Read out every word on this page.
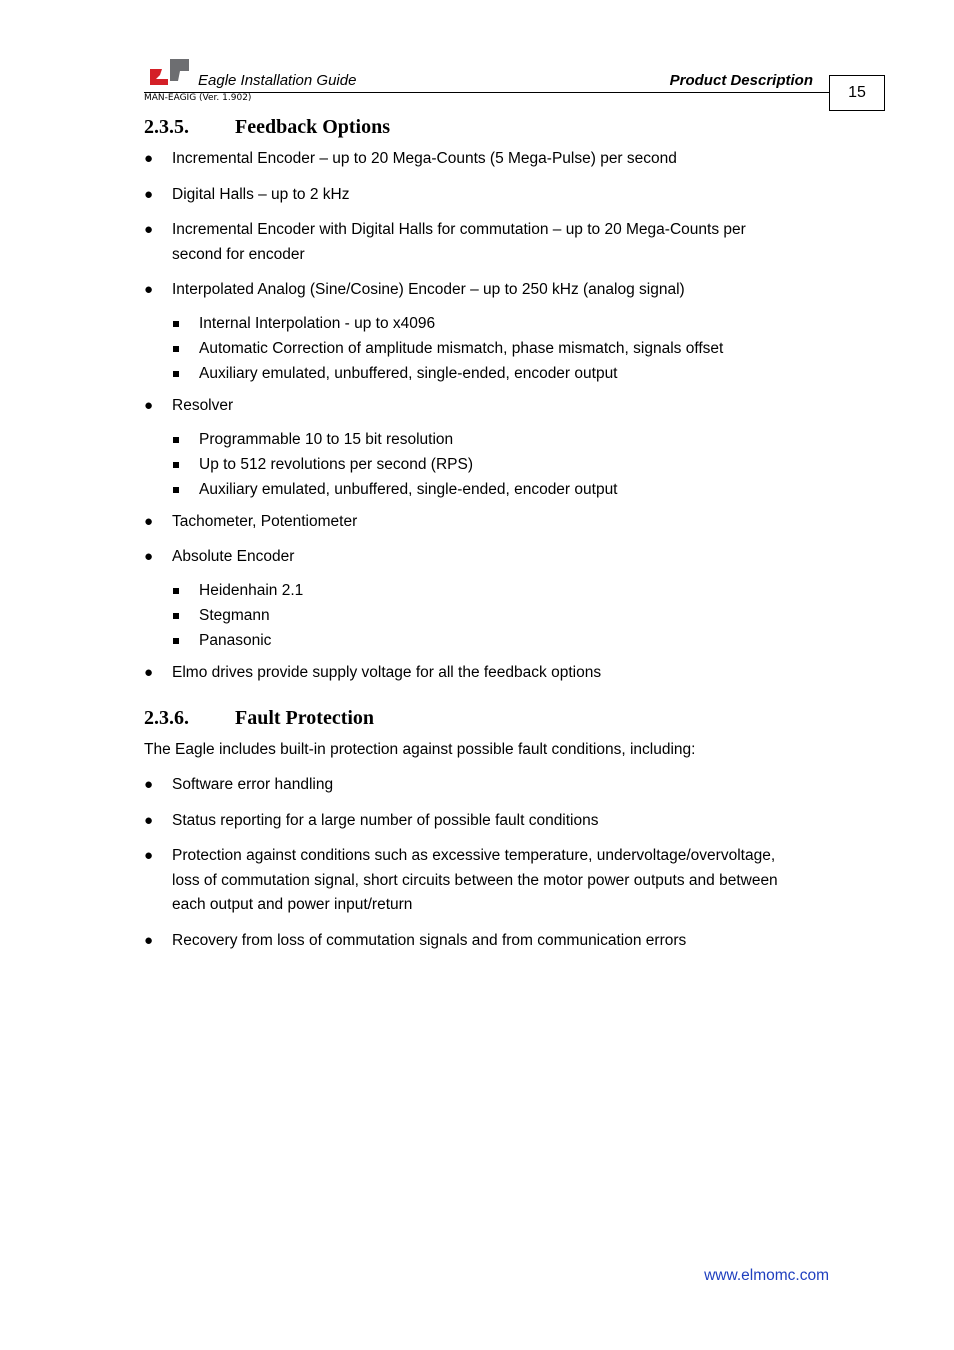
Eagle Installation Guide	Product Description
MAN-EAGIG (Ver. 1.902)	15
2.3.5. Feedback Options
● Incremental Encoder – up to 20 Mega-Counts (5 Mega-Pulse) per second
● Digital Halls – up to 2 kHz
● Incremental Encoder with Digital Halls for commutation – up to 20 Mega-Counts per
second for encoder
● Interpolated Analog (Sine/Cosine) Encoder – up to 250 kHz (analog signal)
Internal Interpolation - up to x4096
Automatic Correction of amplitude mismatch, phase mismatch, signals offset
Auxiliary emulated, unbuffered, single-ended, encoder output
● Resolver
Programmable 10 to 15 bit resolution
Up to 512 revolutions per second (RPS)
Auxiliary emulated, unbuffered, single-ended, encoder output
● Tachometer, Potentiometer
● Absolute Encoder
Heidenhain 2.1
Stegmann
Panasonic
● Elmo drives provide supply voltage for all the feedback options
2.3.6. Fault Protection
The Eagle includes built-in protection against possible fault conditions, including:
● Software error handling
● Status reporting for a large number of possible fault conditions
● Protection against conditions such as excessive temperature, undervoltage/overvoltage,
loss of commutation signal, short circuits between the motor power outputs and between
each output and power input/return
● Recovery from loss of commutation signals and from communication errors
www.elmomc.com
